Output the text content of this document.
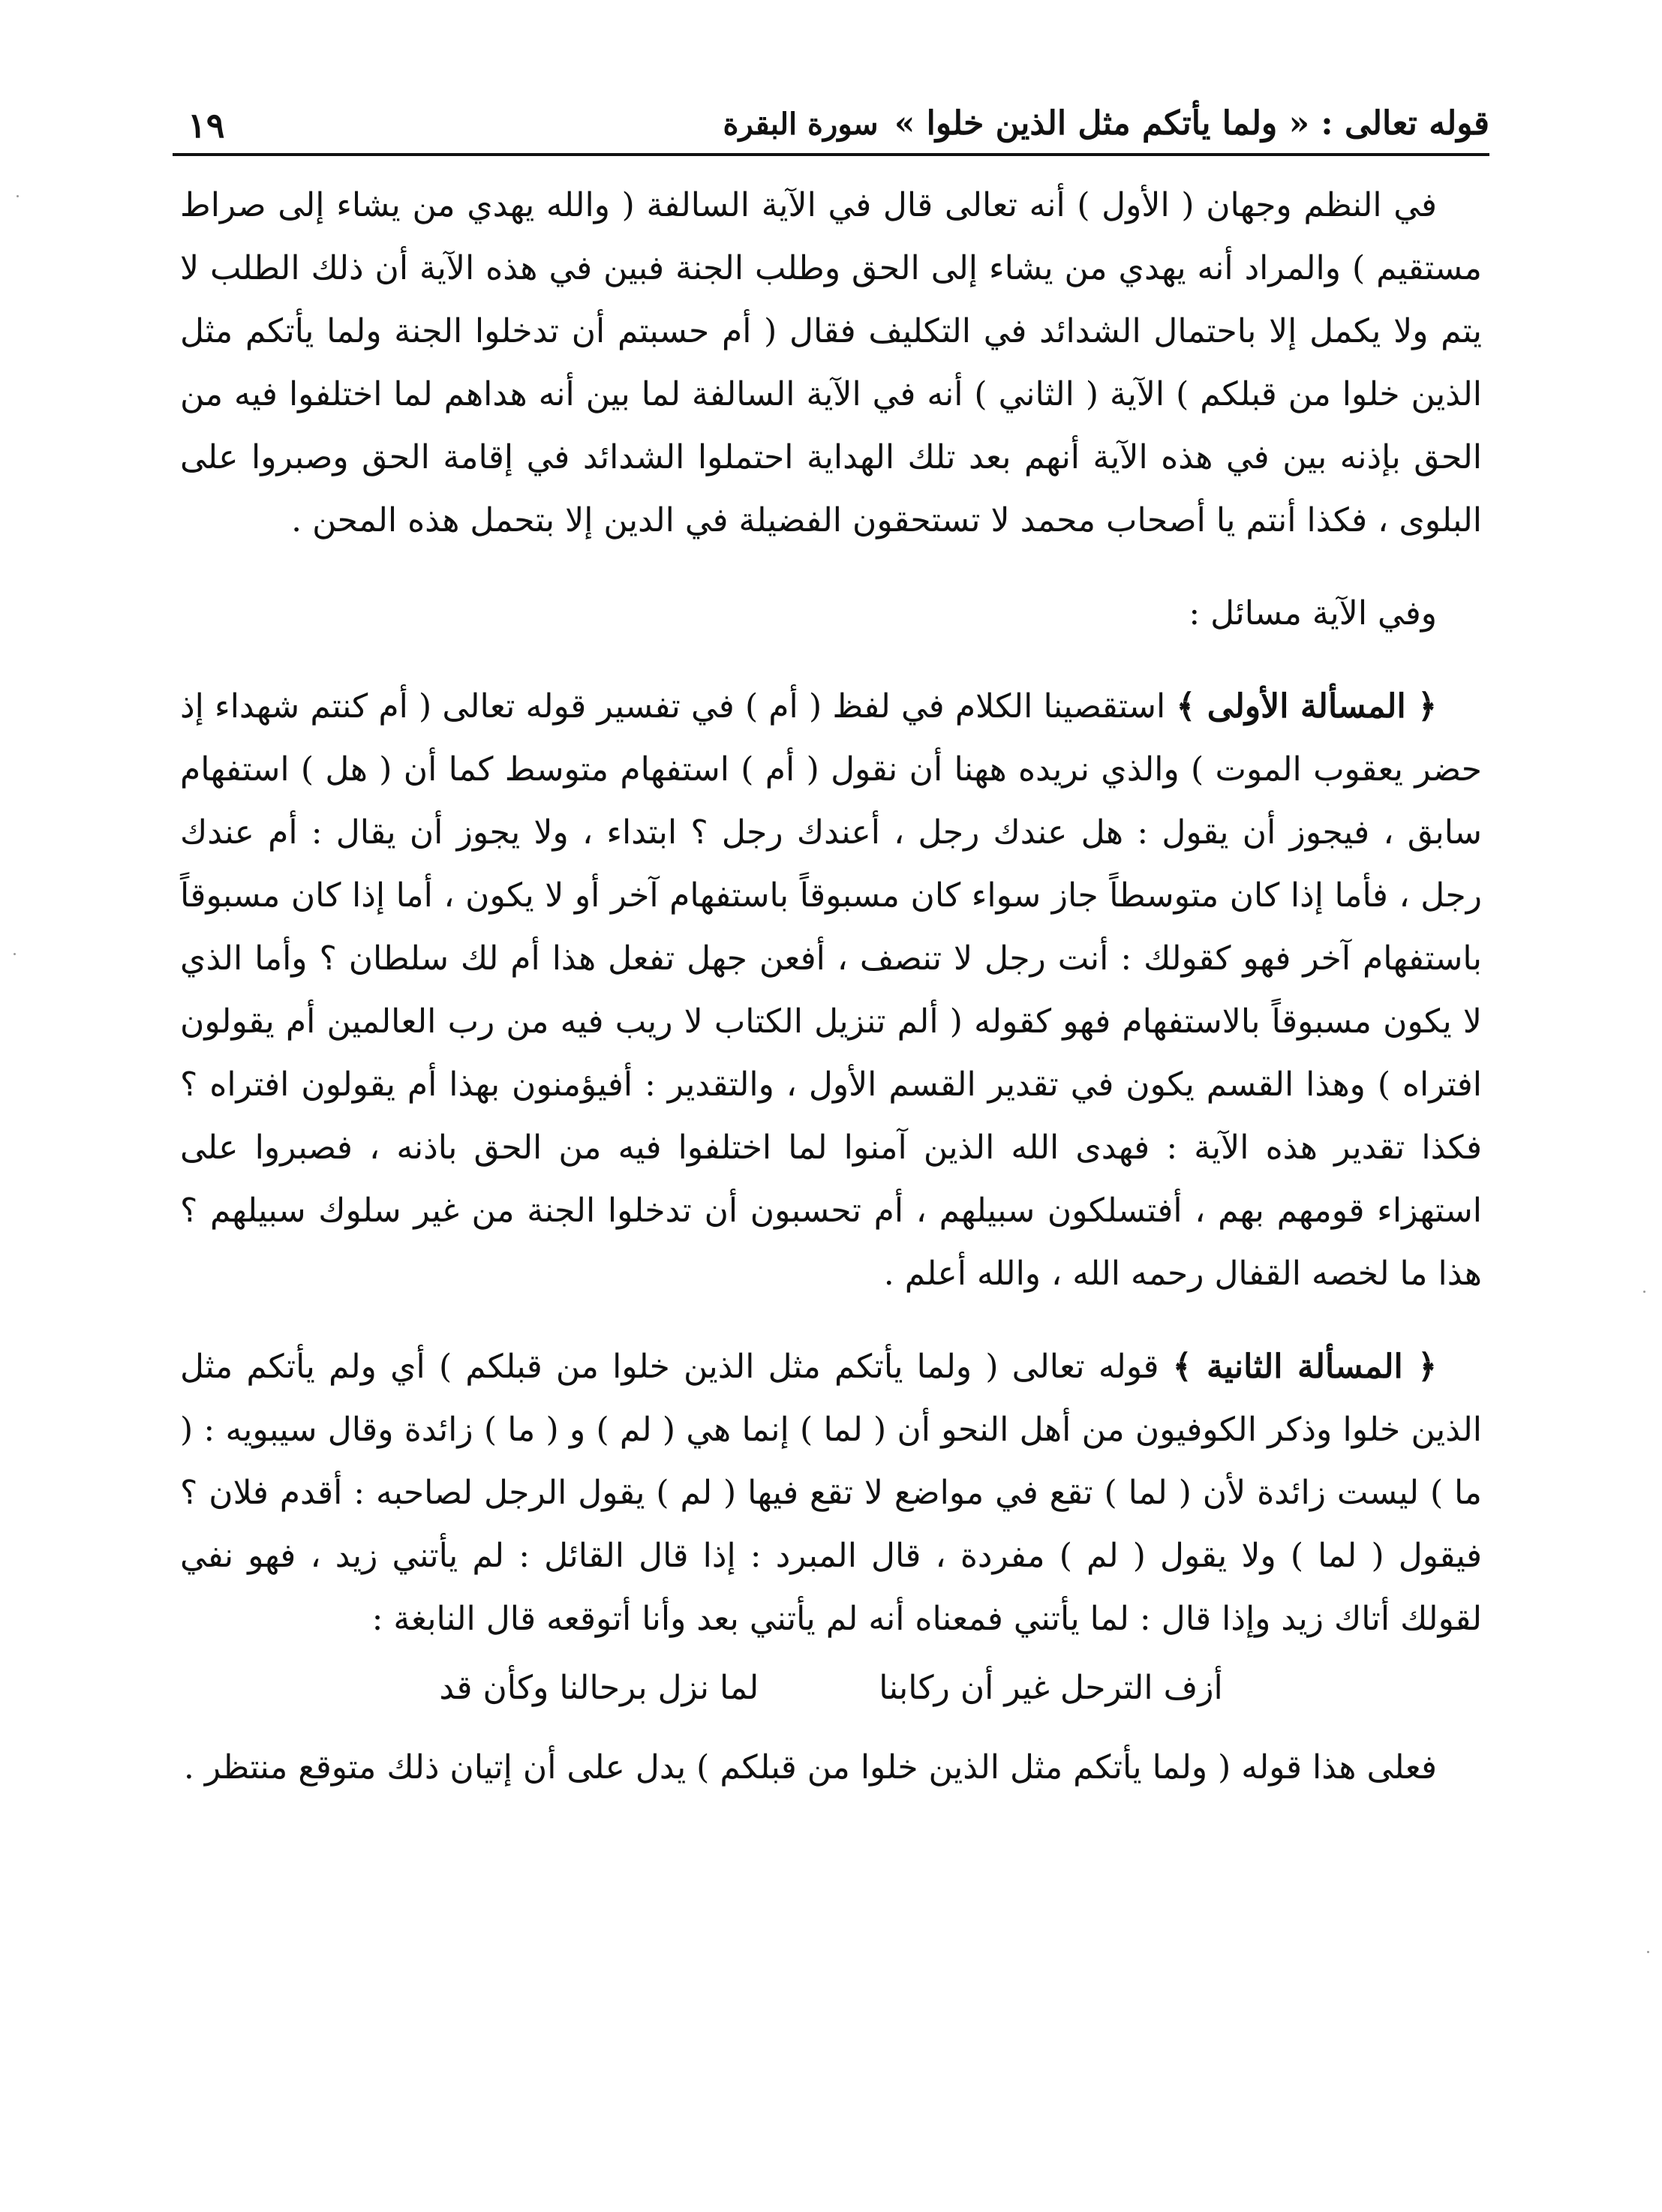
قوله تعالى : « ولما يأتكم مثل الذين خلوا » سورة البقرة
١٩

في النظم وجهان ( الأول ) أنه تعالى قال في الآية السالفة ( والله يهدي من يشاء إلى صراط مستقيم ) والمراد أنه يهدي من يشاء إلى الحق وطلب الجنة فبين في هذه الآية أن ذلك الطلب لا يتم ولا يكمل إلا باحتمال الشدائد في التكليف فقال ( أم حسبتم أن تدخلوا الجنة ولما يأتكم مثل الذين خلوا من قبلكم ) الآية ( الثاني ) أنه في الآية السالفة لما بين أنه هداهم لما اختلفوا فيه من الحق بإذنه بين في هذه الآية أنهم بعد تلك الهداية احتملوا الشدائد في إقامة الحق وصبروا على البلوى ، فكذا أنتم يا أصحاب محمد لا تستحقون الفضيلة في الدين إلا بتحمل هذه المحن .

وفي الآية مسائل :

﴿ المسألة الأولى ﴾ استقصينا الكلام في لفظ ( أم ) في تفسير قوله تعالى ( أم كنتم شهداء إذ حضر يعقوب الموت ) والذي نريده ههنا أن نقول ( أم ) استفهام متوسط كما أن ( هل ) استفهام سابق ، فيجوز أن يقول : هل عندك رجل ، أعندك رجل ؟ ابتداء ، ولا يجوز أن يقال : أم عندك رجل ، فأما إذا كان متوسطاً جاز سواء كان مسبوقاً باستفهام آخر أو لا يكون ، أما إذا كان مسبوقاً باستفهام آخر فهو كقولك : أنت رجل لا تنصف ، أفعن جهل تفعل هذا أم لك سلطان ؟ وأما الذي لا يكون مسبوقاً بالاستفهام فهو كقوله ( ألم تنزيل الكتاب لا ريب فيه من رب العالمين أم يقولون افتراه ) وهذا القسم يكون في تقدير القسم الأول ، والتقدير : أفيؤمنون بهذا أم يقولون افتراه ؟ فكذا تقدير هذه الآية : فهدى الله الذين آمنوا لما اختلفوا فيه من الحق باذنه ، فصبروا على استهزاء قومهم بهم ، أفتسلكون سبيلهم ، أم تحسبون أن تدخلوا الجنة من غير سلوك سبيلهم ؟ هذا ما لخصه القفال رحمه الله ، والله أعلم .

﴿ المسألة الثانية ﴾ قوله تعالى ( ولما يأتكم مثل الذين خلوا من قبلكم ) أي ولم يأتكم مثل الذين خلوا وذكر الكوفيون من أهل النحو أن ( لما ) إنما هي ( لم ) و ( ما ) زائدة وقال سيبويه : ( ما ) ليست زائدة لأن ( لما ) تقع في مواضع لا تقع فيها ( لم ) يقول الرجل لصاحبه : أقدم فلان ؟ فيقول ( لما ) ولا يقول ( لم ) مفردة ، قال المبرد : إذا قال القائل : لم يأتني زيد ، فهو نفي لقولك أتاك زيد وإذا قال : لما يأتني فمعناه أنه لم يأتني بعد وأنا أتوقعه قال النابغة :

أزف الترحل غير أن ركابنا
لما نزل برحالنا وكأن قد

فعلى هذا قوله ( ولما يأتكم مثل الذين خلوا من قبلكم ) يدل على أن إتيان ذلك متوقع منتظر .
